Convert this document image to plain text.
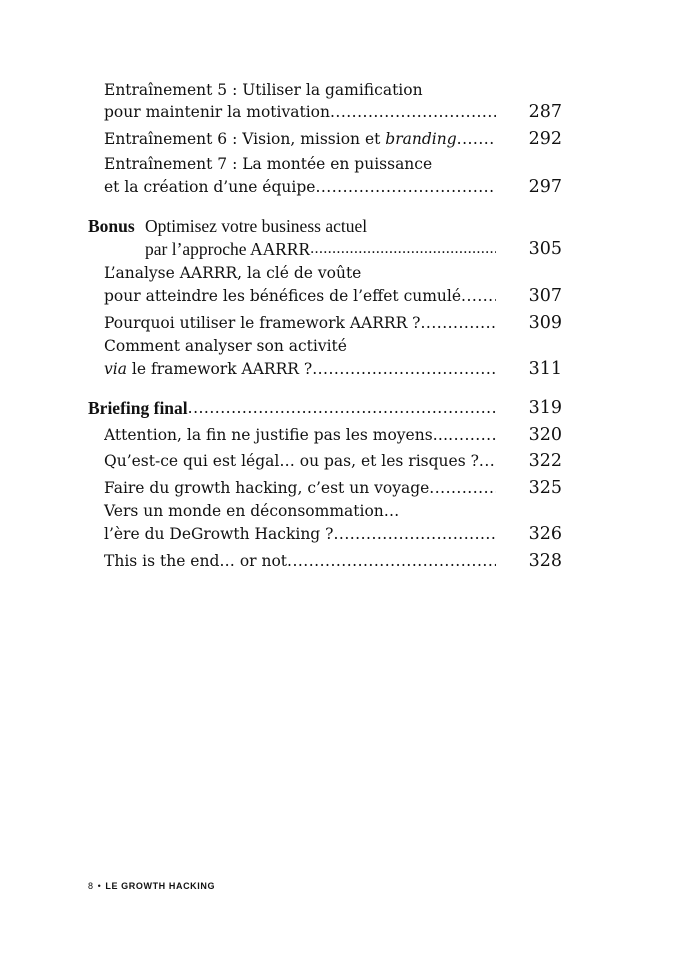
Entraînement 5 : Utiliser la gamification
pour maintenir la motivation .....	287
Entraînement 6 : Vision, mission et branding .....	292
Entraînement 7 : La montée en puissance
et la création d’une équipe .....	297
Bonus Optimisez votre business actuel
par l’approche AARRR .....	305
L’analyse AARRR, la clé de voûte
pour atteindre les bénéfices de l’effet cumulé .....	307
Pourquoi utiliser le framework AARRR ? .....	309
Comment analyser son activité
via le framework AARRR ? .....	311
Briefing final .....	319
Attention, la fin ne justifie pas les moyens… .....	320
Qu’est-ce qui est légal… ou pas, et les risques ? .....	322
Faire du growth hacking, c’est un voyage .....	325
Vers un monde en déconsommation…
l’ère du DeGrowth Hacking ? .....	326
This is the end… or not .....	328
8 • LE GROWTH HACKING
